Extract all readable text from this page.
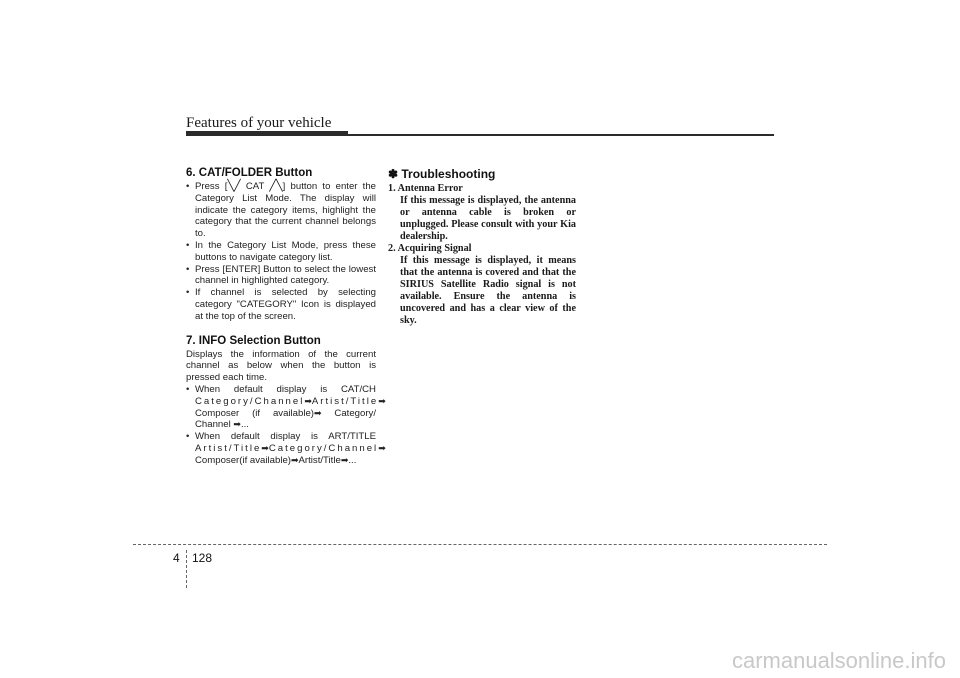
Features of your vehicle
6. CAT/FOLDER Button
• Press [╲╱ CAT ╱╲] button to enter the Category List Mode. The display will indicate the category items, highlight the category that the current channel belongs to.
• In the Category List Mode, press these buttons to navigate category list.
• Press [ENTER] Button to select the lowest channel in highlighted category.
• If channel is selected by selecting category "CATEGORY" Icon is displayed at the top of the screen.
7. INFO Selection Button

Displays the information of the current channel as below when the button is pressed each time.

• When default display is CAT/CH Category/Channel➡Artist/Title➡ Composer (if available)➡ Category/ Channel ➡...
• When default display is ART/TITLE Artist/Title➡Category/Channel➡ Composer(if available)➡Artist/Title➡...
✽ Troubleshooting
1. Antenna Error
If this message is displayed, the antenna or antenna cable is broken or unplugged. Please consult with your Kia dealership.
2. Acquiring Signal
If this message is displayed, it means that the antenna is covered and that the SIRIUS Satellite Radio signal is not available. Ensure the antenna is uncovered and has a clear view of the sky.
4 128
carmanualsonline.info
